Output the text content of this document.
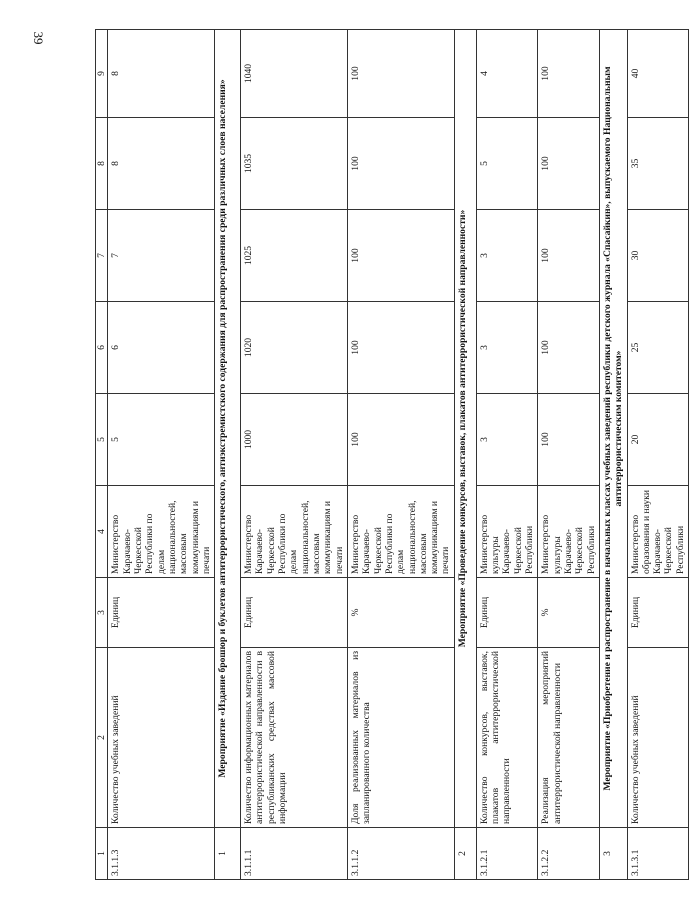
39
1	2	3	4	5	6	7	8	9
3.1.1.3	Количество учебных заведений	Единиц	Министерство Карачаево-Черкесской Республики по делам национальностей, массовым коммуникациям и печати	5	6	7	8	8
1	Мероприятие «Издание брошюр и буклетов антитеррористического, антиэкстремистского содержания для распространения среди различных слоев населения»							
3.1.1.1	Количество информационных материалов антитеррористической направленности в республиканских средствах массовой информации	Единиц	Министерство Карачаево-Черкесской Республики по делам национальностей, массовым коммуникациям и печати	1000	1020	1025	1035	1040
3.1.1.2	Доля реализованных материалов из запланированного количества	%	Министерство Карачаево-Черкесской Республики по делам национальностей, массовым коммуникациям и печати	100	100	100	100	100
2	Мероприятие «Проведение конкурсов, выставок, плакатов антитеррористической направленности»							
3.1.2.1	Количество конкурсов, выставок, плакатов антитеррористической направленности	Единиц	Министерство культуры Карачаево-Черкесской Республики	3	3	3	5	4
3.1.2.2	Реализация мероприятий антитеррористической направленности	%	Министерство культуры Карачаево-Черкесской Республики	100	100	100	100	100
3	Мероприятие «Приобретение и распространение в начальных классах учебных заведений республики детского журнала «Спасайкин», выпускаемого Национальным антитеррористическим комитетом»							
3.1.3.1	Количество учебных заведений	Единиц	Министерство образования и науки Карачаево-Черкесской Республики	20	25	30	35	40
